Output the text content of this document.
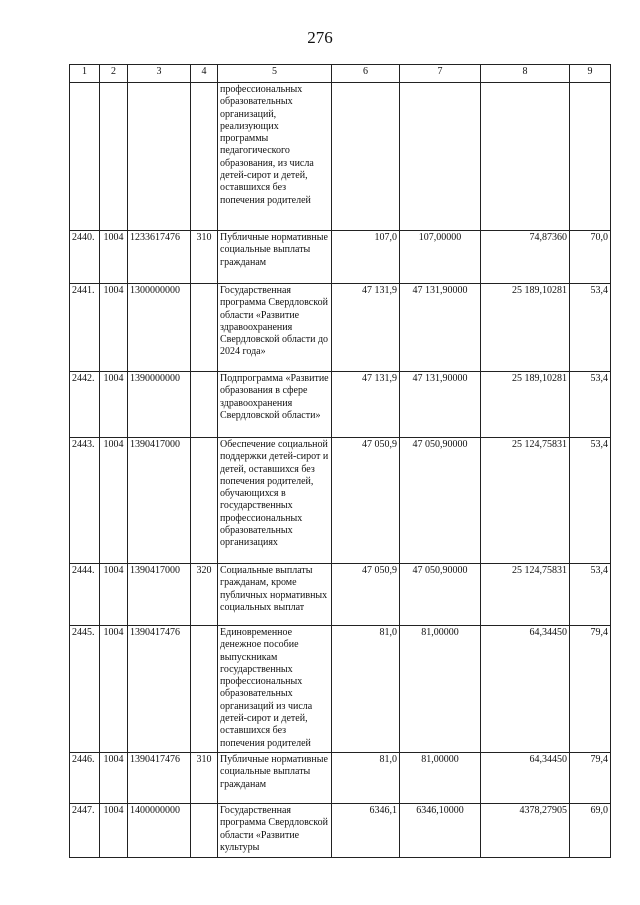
276
1	2	3	4	5	6	7	8	9
				профессиональных образовательных организаций, реализующих программы педагогического образования, из числа детей-сирот и детей, оставшихся без попечения родителей				
2440.	1004	1233617476	310	Публичные нормативные социальные выплаты гражданам	107,0	107,00000	74,87360	70,0
2441.	1004	1300000000		Государственная программа Свердловской области «Развитие здравоохранения Свердловской области до 2024 года»	47 131,9	47 131,90000	25 189,10281	53,4
2442.	1004	1390000000		Подпрограмма «Развитие образования в сфере здравоохранения Свердловской области»	47 131,9	47 131,90000	25 189,10281	53,4
2443.	1004	1390417000		Обеспечение социальной поддержки детей-сирот и детей, оставшихся без попечения родителей, обучающихся в государственных профессиональных образовательных организациях	47 050,9	47 050,90000	25 124,75831	53,4
2444.	1004	1390417000	320	Социальные выплаты гражданам, кроме публичных нормативных социальных выплат	47 050,9	47 050,90000	25 124,75831	53,4
2445.	1004	1390417476		Единовременное денежное пособие выпускникам государственных профессиональных образовательных организаций из числа детей-сирот и детей, оставшихся без попечения родителей	81,0	81,00000	64,34450	79,4
2446.	1004	1390417476	310	Публичные нормативные социальные выплаты гражданам	81,0	81,00000	64,34450	79,4
2447.	1004	1400000000		Государственная программа Свердловской области «Развитие культуры	6346,1	6346,10000	4378,27905	69,0
